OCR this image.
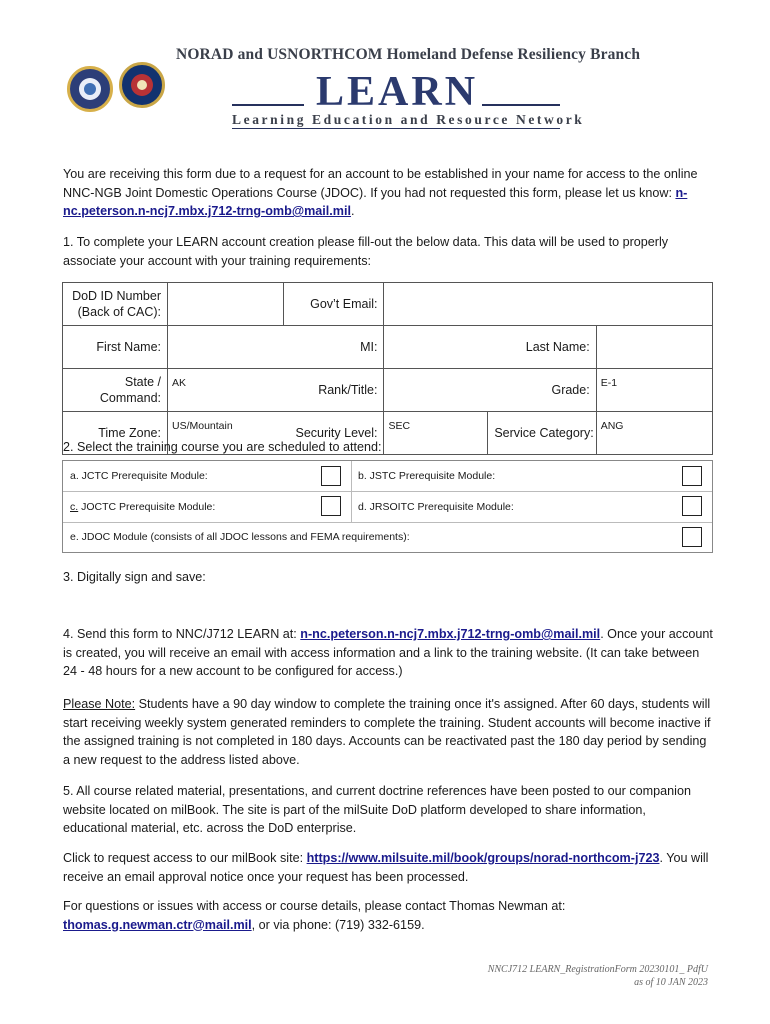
NORAD and USNORTHCOM Homeland Defense Resiliency Branch
LEARN
Learning Education and Resource Network
You are receiving this form due to a request for an account to be established in your name for access to the online NNC-NGB Joint Domestic Operations Course (JDOC). If you had not requested this form, please let us know: n-nc.peterson.n-ncj7.mbx.j712-trng-omb@mail.mil.
1. To complete your LEARN account creation please fill-out the below data. This data will be used to properly associate your account with your training requirements:
DoD ID Number
(Back of CAC):		Gov’t Email:			
First Name:		MI:		Last Name:	

State /
Command:	AK	Rank/Title:		Grade:	E-1
Time Zone:	US/Mountain	Security Level:	SEC	Service Category:	ANG
2. Select the training course you are scheduled to attend:
a. JCTC Prerequisite Module:	b. JSTC Prerequisite Module:
c. JOCTC Prerequisite Module:	d. JRSOITC Prerequisite Module:
e. JDOC Module (consists of all JDOC lessons and FEMA requirements):
3. Digitally sign and save:
4. Send this form to NNC/J712 LEARN at: n-nc.peterson.n-ncj7.mbx.j712-trng-omb@mail.mil. Once your account is created, you will receive an email with access information and a link to the training website. (It can take between 24 - 48 hours for a new account to be configured for access.)
Please Note: Students have a 90 day window to complete the training once it's assigned. After 60 days, students will start receiving weekly system generated reminders to complete the training. Student accounts will become inactive if the assigned training is not completed in 180 days. Accounts can be reactivated past the 180 day period by sending a new request to the address listed above.
5. All course related material, presentations, and current doctrine references have been posted to our companion website located on milBook. The site is part of the milSuite DoD platform developed to share information, educational material, etc. across the DoD enterprise.
Click to request access to our milBook site: https://www.milsuite.mil/book/groups/norad-northcom-j723. You will receive an email approval notice once your request has been processed.
For questions or issues with access or course details, please contact Thomas Newman at: thomas.g.newman.ctr@mail.mil, or via phone: (719) 332-6159.
NNCJ712 LEARN_RegistrationForm 20230101_ PdfU
as of 10 JAN 2023
